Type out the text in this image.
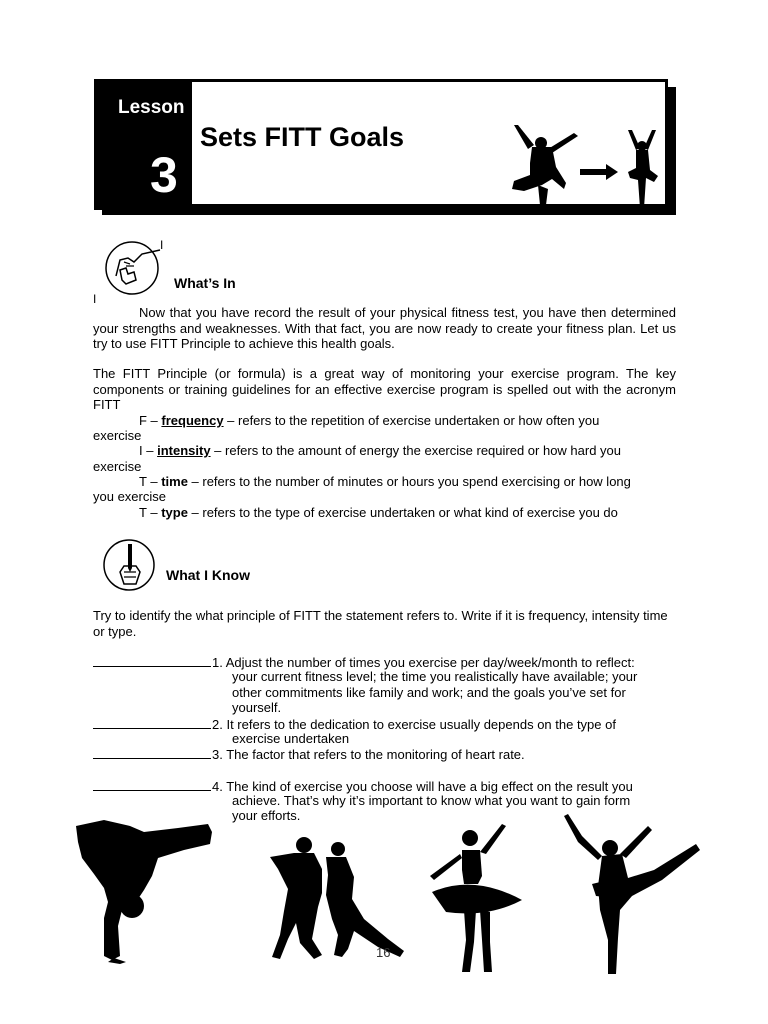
Lesson
3
Sets FITT Goals
I
I
What’s In
Now that you have record the result of your physical fitness test, you have then determined your strengths and weaknesses. With that fact, you are now ready to create your fitness plan. Let us try to use FITT Principle to achieve this health goals.
The FITT Principle (or formula) is a great way of monitoring your exercise program. The key components or training guidelines for an effective exercise program is spelled out with the acronym FITT
F – frequency – refers to the repetition of exercise undertaken or how often you
exercise
I – intensity – refers to the amount of energy the exercise required or how hard you
exercise
T – time – refers to the number of minutes or hours you spend exercising or how long
you exercise
T – type – refers to the type of exercise undertaken or what kind of exercise you do
What I Know
Try to identify the what principle of FITT the statement refers to. Write if it is frequency, intensity time or type.
1. Adjust the number of times you exercise per day/week/month to reflect:
your current fitness level; the time you realistically have available; your
other commitments like family and work; and the goals you’ve set for
yourself.
2. It refers to the dedication to exercise usually depends on the type of
exercise undertaken
3. The factor that refers to the monitoring of heart rate.
4. The kind of exercise you choose will have a big effect on the result you
achieve. That’s why it’s important to know what you want to gain form
your efforts.
16
